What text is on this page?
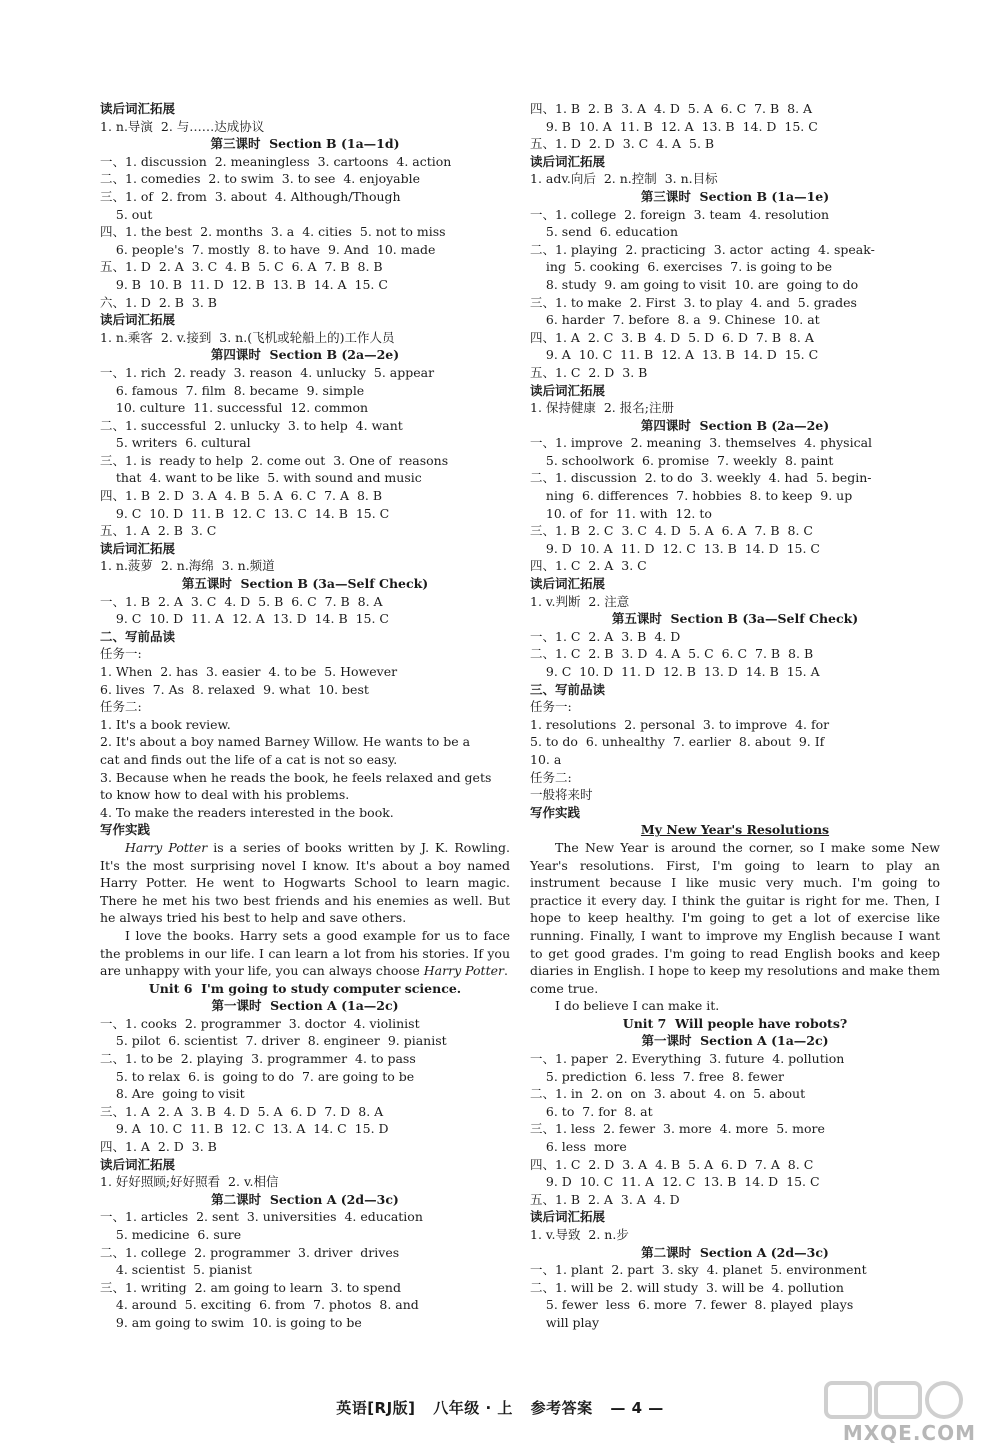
读后词汇拓展
1. n.导演  2. 与……达成协议
第三课时  Section B (1a—1d)
一、1. discussion  2. meaningless  3. cartoons  4. action
二、1. comedies  2. to swim  3. to see  4. enjoyable
三、1. of  2. from  3. about  4. Although/Though
5. out
四、1. the best  2. months  3. a  4. cities  5. not to miss
6. people's  7. mostly  8. to have  9. And  10. made
五、1. D  2. A  3. C  4. B  5. C  6. A  7. B  8. B
9. B  10. B  11. D  12. B  13. B  14. A  15. C
六、1. D  2. B  3. B
读后词汇拓展
1. n.乘客  2. v.接到  3. n.(飞机或轮船上的)工作人员
第四课时  Section B (2a—2e)
一、1. rich  2. ready  3. reason  4. unlucky  5. appear
6. famous  7. film  8. became  9. simple
10. culture  11. successful  12. common
二、1. successful  2. unlucky  3. to help  4. want
5. writers  6. cultural
三、1. is  ready to help  2. come out  3. One of  reasons
that  4. want to be like  5. with sound and music
四、1. B  2. D  3. A  4. B  5. A  6. C  7. A  8. B
9. C  10. D  11. B  12. C  13. C  14. B  15. C
五、1. A  2. B  3. C
读后词汇拓展
1. n.菠萝  2. n.海绵  3. n.频道
第五课时  Section B (3a—Self Check)
一、1. B  2. A  3. C  4. D  5. B  6. C  7. B  8. A
9. C  10. D  11. A  12. A  13. D  14. B  15. C
二、写前品读
任务一:
1. When  2. has  3. easier  4. to be  5. However
6. lives  7. As  8. relaxed  9. what  10. best
任务二:
1. It's a book review.
2. It's about a boy named Barney Willow. He wants to be a
cat and finds out the life of a cat is not so easy.
3. Because when he reads the book, he feels relaxed and gets
to know how to deal with his problems.
4. To make the readers interested in the book.
写作实践
Harry Potter is a series of books written by J. K. Rowling. It's the most surprising novel I know. It's about a boy named Harry Potter. He went to Hogwarts School to learn magic. There he met his two best friends and his enemies as well. But he always tried his best to help and save others.
I love the books. Harry sets a good example for us to face the problems in our life. I can learn a lot from his stories. If you are unhappy with your life, you can always choose Harry Potter.
Unit 6  I'm going to study computer science.
第一课时  Section A (1a—2c)
一、1. cooks  2. programmer  3. doctor  4. violinist
5. pilot  6. scientist  7. driver  8. engineer  9. pianist
二、1. to be  2. playing  3. programmer  4. to pass
5. to relax  6. is  going to do  7. are going to be
8. Are  going to visit
三、1. A  2. A  3. B  4. D  5. A  6. D  7. D  8. A
9. A  10. C  11. B  12. C  13. A  14. C  15. D
四、1. A  2. D  3. B
读后词汇拓展
1. 好好照顾;好好照看  2. v.相信
第二课时  Section A (2d—3c)
一、1. articles  2. sent  3. universities  4. education
5. medicine  6. sure
二、1. college  2. programmer  3. driver  drives
4. scientist  5. pianist
三、1. writing  2. am going to learn  3. to spend
4. around  5. exciting  6. from  7. photos  8. and
9. am going to swim  10. is going to be
四、1. B  2. B  3. A  4. D  5. A  6. C  7. B  8. A
9. B  10. A  11. B  12. A  13. B  14. D  15. C
五、1. D  2. D  3. C  4. A  5. B
读后词汇拓展
1. adv.向后  2. n.控制  3. n.目标
第三课时  Section B (1a—1e)
一、1. college  2. foreign  3. team  4. resolution
5. send  6. education
二、1. playing  2. practicing  3. actor  acting  4. speak-
ing  5. cooking  6. exercises  7. is going to be
8. study  9. am going to visit  10. are  going to do
三、1. to make  2. First  3. to play  4. and  5. grades
6. harder  7. before  8. a  9. Chinese  10. at
四、1. A  2. C  3. B  4. D  5. D  6. D  7. B  8. A
9. A  10. C  11. B  12. A  13. B  14. D  15. C
五、1. C  2. D  3. B
读后词汇拓展
1. 保持健康  2. 报名;注册
第四课时  Section B (2a—2e)
一、1. improve  2. meaning  3. themselves  4. physical
5. schoolwork  6. promise  7. weekly  8. paint
二、1. discussion  2. to do  3. weekly  4. had  5. begin-
ning  6. differences  7. hobbies  8. to keep  9. up
10. of  for  11. with  12. to
三、1. B  2. C  3. C  4. D  5. A  6. A  7. B  8. C
9. D  10. A  11. D  12. C  13. B  14. D  15. C
四、1. C  2. A  3. C
读后词汇拓展
1. v.判断  2. 注意
第五课时  Section B (3a—Self Check)
一、1. C  2. A  3. B  4. D
二、1. C  2. B  3. D  4. A  5. C  6. C  7. B  8. B
9. C  10. D  11. D  12. B  13. D  14. B  15. A
三、写前品读
任务一:
1. resolutions  2. personal  3. to improve  4. for
5. to do  6. unhealthy  7. earlier  8. about  9. If
10. a
任务二:
一般将来时
写作实践
My New Year's Resolutions
The New Year is around the corner, so I make some New Year's resolutions. First, I'm going to learn to play an instrument because I like music very much. I'm going to practice it every day. I think the guitar is right for me. Then, I hope to keep healthy. I'm going to get a lot of exercise like running. Finally, I want to improve my English because I want to get good grades. I'm going to read English books and keep diaries in English. I hope to keep my resolutions and make them come true.
I do believe I can make it.
Unit 7  Will people have robots?
第一课时  Section A (1a—2c)
一、1. paper  2. Everything  3. future  4. pollution
5. prediction  6. less  7. free  8. fewer
二、1. in  2. on  on  3. about  4. on  5. about
6. to  7. for  8. at
三、1. less  2. fewer  3. more  4. more  5. more
6. less  more
四、1. C  2. D  3. A  4. B  5. A  6. D  7. A  8. C
9. D  10. C  11. A  12. C  13. B  14. D  15. C
五、1. B  2. A  3. A  4. D
读后词汇拓展
1. v.导致  2. n.步
第二课时  Section A (2d—3c)
一、1. plant  2. part  3. sky  4. planet  5. environment
二、1. will be  2. will study  3. will be  4. pollution
5. fewer  less  6. more  7. fewer  8. played  plays
will play
英语[RJ版] 八年级 · 上 参考答案 — 4 —
MXQE.COM
